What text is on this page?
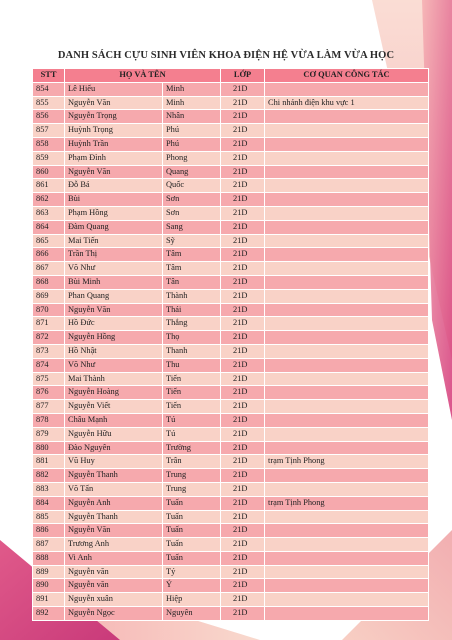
DANH SÁCH CỰU SINH VIÊN KHOA ĐIỆN HỆ VỪA LÀM VỪA HỌC
STT	HỌ VÀ TÊN		LỚP	CƠ QUAN CÔNG TÁC
854	Lê Hiếu	Minh	21D	
855	Nguyễn Văn	Minh	21D	Chi nhánh điện khu vực 1
856	Nguyễn Trọng	Nhân	21D	
857	Huỳnh Trọng	Phú	21D	
858	Huỳnh Trần	Phú	21D	
859	Phạm Đình	Phong	21D	
860	Nguyễn Văn	Quang	21D	
861	Đỗ Bá	Quốc	21D	
862	Bùi	Sơn	21D	
863	Phạm Hồng	Sơn	21D	
864	Đàm Quang	Sang	21D	
865	Mai Tiến	Sỹ	21D	
866	Trần Thị	Tâm	21D	
867	Võ Như	Tâm	21D	
868	Bùi Minh	Tân	21D	
869	Phan Quang	Thành	21D	
870	Nguyễn Văn	Thái	21D	
871	Hồ Đức	Thắng	21D	
872	Nguyễn Hồng	Thọ	21D	
873	Hồ Nhật	Thanh	21D	
874	Võ Như	Thu	21D	
875	Mai Thành	Tiến	21D	
876	Nguyễn Hoàng	Tiến	21D	
877	Nguyễn Viết	Tiến	21D	
878	Châu Mạnh	Tú	21D	
879	Nguyễn Hữu	Tú	21D	
880	Đào Nguyên	Trường	21D	
881	Vũ Huy	Trân	21D	trạm Tịnh Phong
882	Nguyễn Thanh	Trung	21D	
883	Võ Tấn	Trung	21D	
884	Nguyễn Anh	Tuấn	21D	trạm Tịnh Phong
885	Nguyễn Thanh	Tuấn	21D	
886	Nguyễn Văn	Tuấn	21D	
887	Trương Anh	Tuấn	21D	
888	Vi Anh	Tuấn	21D	
889	Nguyễn văn	Tý	21D	
890	Nguyễn văn	Ý	21D	
891	Nguyễn xuân	Hiệp	21D	
892	Nguyễn Ngọc	Nguyên	21D	
